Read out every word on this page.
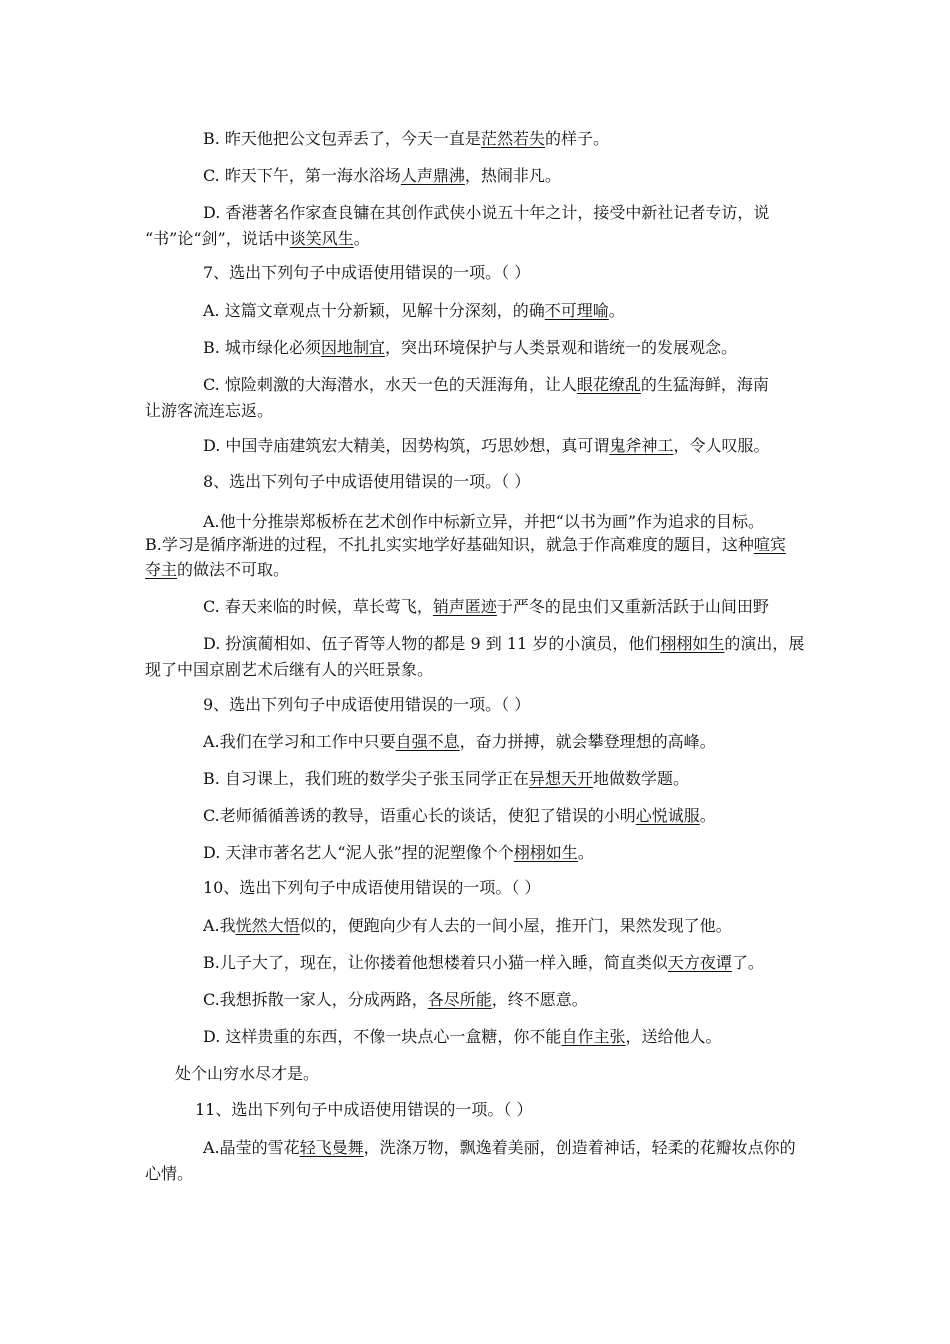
B. 昨天他把公文包弄丢了，今天一直是茫然若失的样子。
C. 昨天下午，第一海水浴场人声鼎沸，热闹非凡。
D. 香港著名作家查良镛在其创作武侠小说五十年之计，接受中新社记者专访，说
“书”论“剑”，说话中谈笑风生。
7、选出下列句子中成语使用错误的一项。（ ）
A. 这篇文章观点十分新颖，见解十分深刻，的确不可理喻。
B. 城市绿化必须因地制宜，突出环境保护与人类景观和谐统一的发展观念。
C. 惊险刺激的大海潜水，水天一色的天涯海角，让人眼花缭乱的生猛海鲜，海南
让游客流连忘返。
D. 中国寺庙建筑宏大精美，因势构筑，巧思妙想，真可谓鬼斧神工，令人叹服。
8、选出下列句子中成语使用错误的一项。（ ）
A.他十分推崇郑板桥在艺术创作中标新立异，并把“以书为画”作为追求的目标。
B.学习是循序渐进的过程，不扎扎实实地学好基础知识，就急于作高难度的题目，这种喧宾
夺主的做法不可取。
C. 春天来临的时候，草长莺飞，销声匿迹于严冬的昆虫们又重新活跃于山间田野
D. 扮演蔺相如、伍子胥等人物的都是 9 到 11 岁的小演员，他们栩栩如生的演出，展
现了中国京剧艺术后继有人的兴旺景象。
9、选出下列句子中成语使用错误的一项。（ ）
A.我们在学习和工作中只要自强不息，奋力拼搏，就会攀登理想的高峰。
B. 自习课上，我们班的数学尖子张玉同学正在异想天开地做数学题。
C.老师循循善诱的教导，语重心长的谈话，使犯了错误的小明心悦诚服。
D. 天津市著名艺人“泥人张”捏的泥塑像个个栩栩如生。
10、选出下列句子中成语使用错误的一项。（ ）
A.我恍然大悟似的，便跑向少有人去的一间小屋，推开门，果然发现了他。
B.儿子大了，现在，让你搂着他想楼着只小猫一样入睡，简直类似天方夜谭了。
C.我想拆散一家人，分成两路，各尽所能，终不愿意。
D. 这样贵重的东西，不像一块点心一盒糖，你不能自作主张，送给他人。
处个山穷水尽才是。
11、选出下列句子中成语使用错误的一项。（ ）
A.晶莹的雪花轻飞曼舞，洗涤万物，飘逸着美丽，创造着神话，轻柔的花瓣妆点你的
心情。
